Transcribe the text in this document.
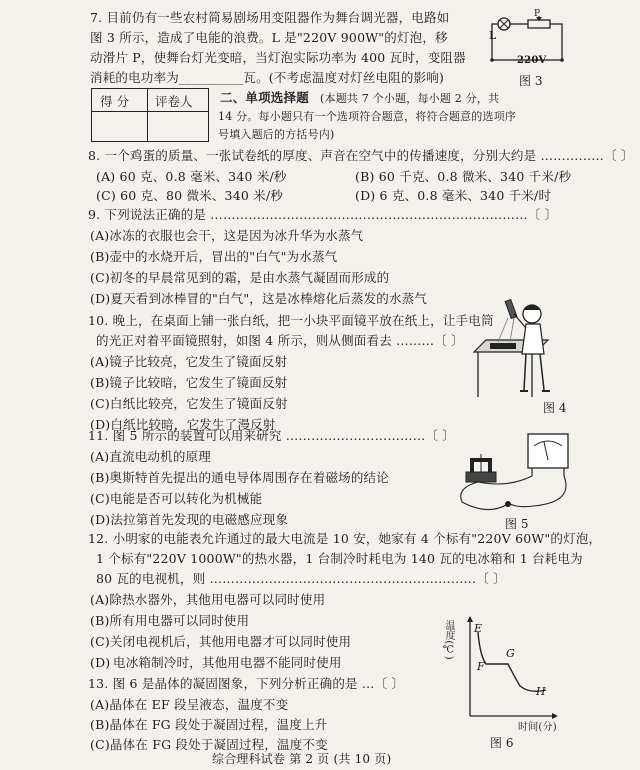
7. 目前仍有一些农村简易剧场用变阻器作为舞台调光器，电路如
图 3 所示，造成了电能的浪费。L 是"220V 900W"的灯泡，移
动滑片 P，使舞台灯光变暗，当灯泡实际功率为 400 瓦时，变阻器
消耗的电功率为__________瓦。(不考虑温度对灯丝电阻的影响)
L
P
220V
图 3
得 分 评卷人 二、单项选择题 (本题共 7 个小题，每小题 2 分，共
14 分。每小题只有一个选项符合题意，将符合题意的选项序
号填入题后的方括号内)
8. 一个鸡蛋的质量、一张试卷纸的厚度、声音在空气中的传播速度，分别大约是 ……………〔 〕
(A) 60 克、0.8 毫米、340 米/秒	(B) 60 千克、0.8 微米、340 千米/秒
(C) 60 克、80 微米、340 米/秒	(D) 6 克、0.8 毫米、340 千米/时
9. 下列说法正确的是 …………………………………………………………………〔 〕
(A)冰冻的衣服也会干，这是因为冰升华为水蒸气
(B)壶中的水烧开后，冒出的"白气"为水蒸气
(C)初冬的早晨常见到的霜，是由水蒸气凝固而形成的
(D)夏天看到冰棒冒的"白气"，这是冰棒熔化后蒸发的水蒸气
10. 晚上，在桌面上铺一张白纸，把一小块平面镜平放在纸上，让手电筒
的光正对着平面镜照射，如图 4 所示，则从侧面看去 ………〔 〕
(A)镜子比较亮，它发生了镜面反射
(B)镜子比较暗，它发生了镜面反射
(C)白纸比较亮，它发生了镜面反射
(D)白纸比较暗，它发生了漫反射
图 4
11. 图 5 所示的装置可以用来研究 ……………………………〔 〕
(A)直流电动机的原理
(B)奥斯特首先提出的通电导体周围存在着磁场的结论
(C)电能是否可以转化为机械能
(D)法拉第首先发现的电磁感应现象	图 5
12. 小明家的电能表允许通过的最大电流是 10 安，她家有 4 个标有"220V 60W"的灯泡，
1 个标有"220V 1000W"的热水器，1 台制冷时耗电为 140 瓦的电冰箱和 1 台耗电为
80 瓦的电视机，则 ………………………………………………………〔 〕
(A)除热水器外，其他用电器可以同时使用
(B)所有用电器可以同时使用
(C)关闭电视机后，其他用电器才可以同时使用
(D) 电冰箱制冷时，其他用电器不能同时使用
13. 图 6 是晶体的凝固图象，下列分析正确的是 …〔 〕
(A)晶体在 EF 段呈液态，温度不变
(B)晶体在 FG 段处于凝固过程，温度上升
(C)晶体在 FG 段处于凝固过程，温度不变
温度(℃)
时间(分)
E
F
G
H
图 6
综合理科试卷 第 2 页 (共 10 页)
